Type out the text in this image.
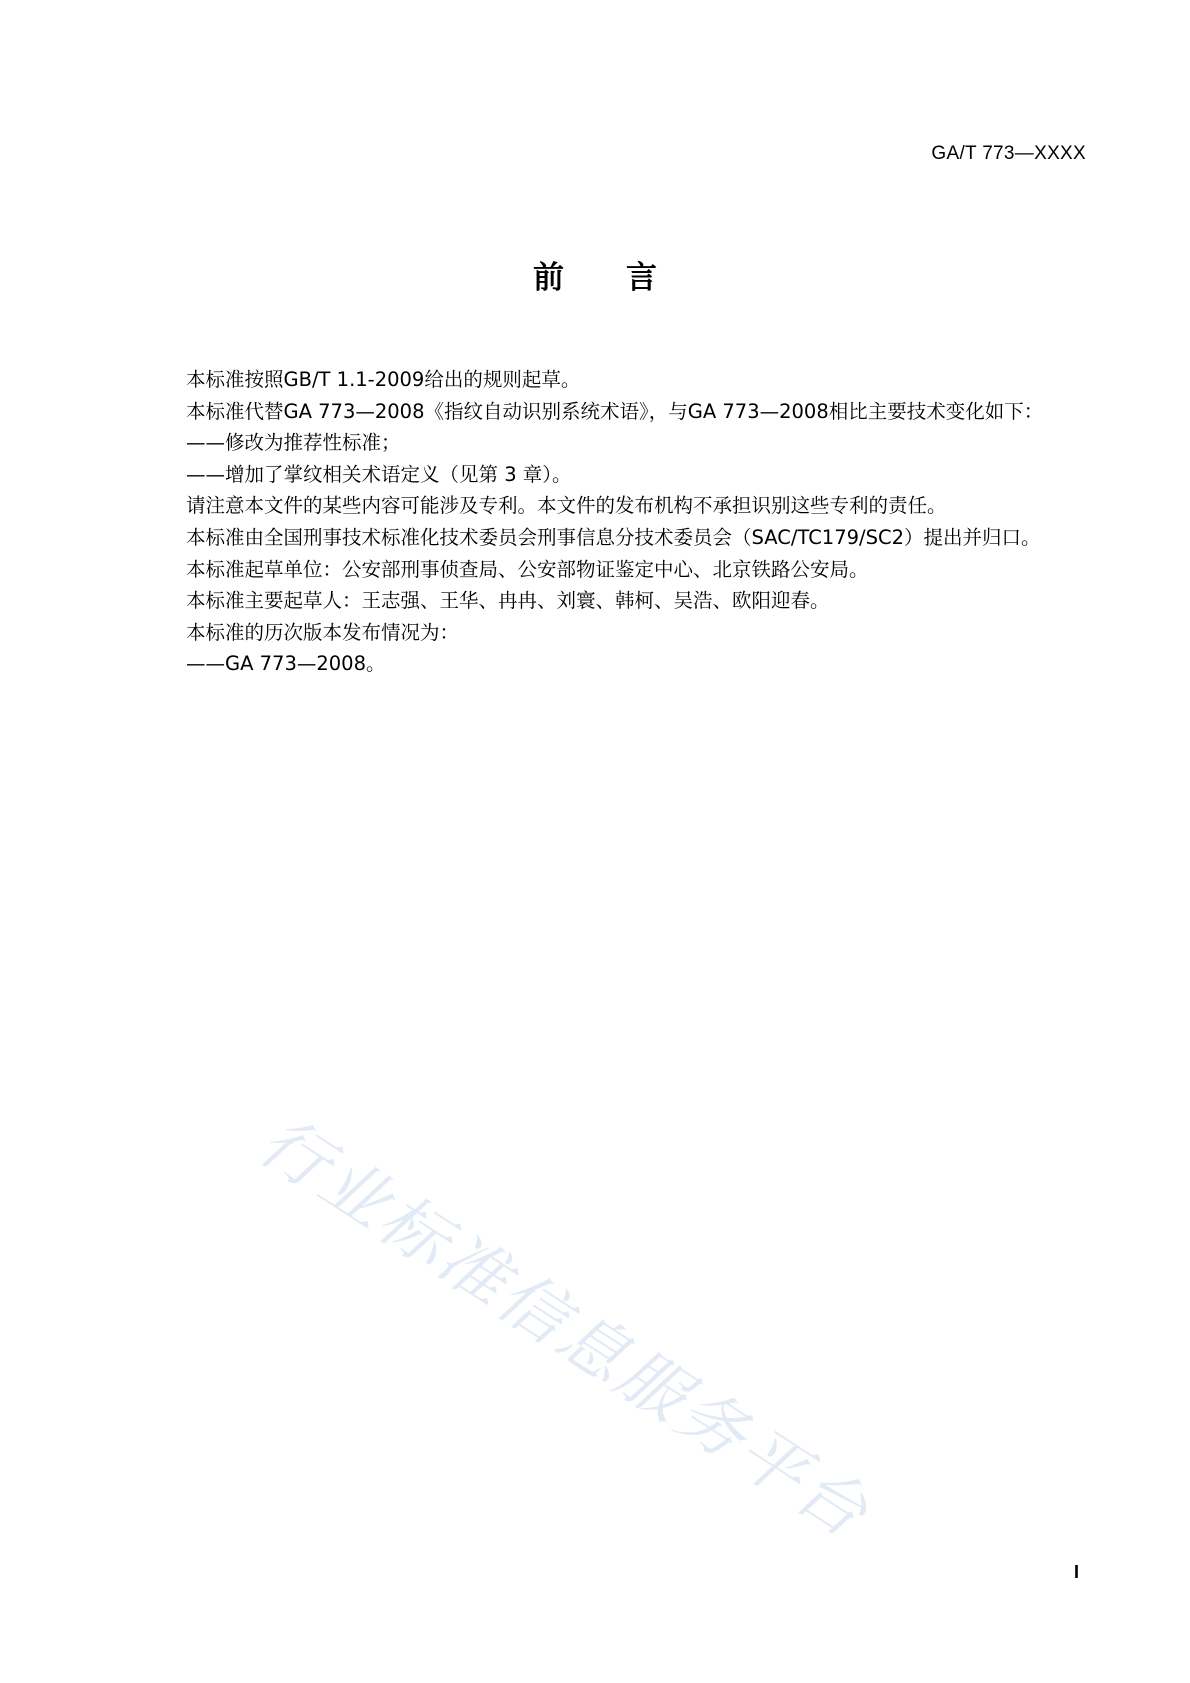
GA/T 773—XXXX
前言
本标准按照GB/T 1.1-2009给出的规则起草。
本标准代替GA 773—2008《指纹自动识别系统术语》，与GA 773—2008相比主要技术变化如下：
——修改为推荐性标准；
——增加了掌纹相关术语定义（见第 3 章）。
请注意本文件的某些内容可能涉及专利。本文件的发布机构不承担识别这些专利的责任。
本标准由全国刑事技术标准化技术委员会刑事信息分技术委员会（SAC/TC179/SC2）提出并归口。
本标准起草单位：公安部刑事侦查局、公安部物证鉴定中心、北京铁路公安局。
本标准主要起草人：王志强、王华、冉冉、刘寰、韩柯、吴浩、欧阳迎春。
本标准的历次版本发布情况为：
——GA 773—2008。
行业标准信息服务平台
I
